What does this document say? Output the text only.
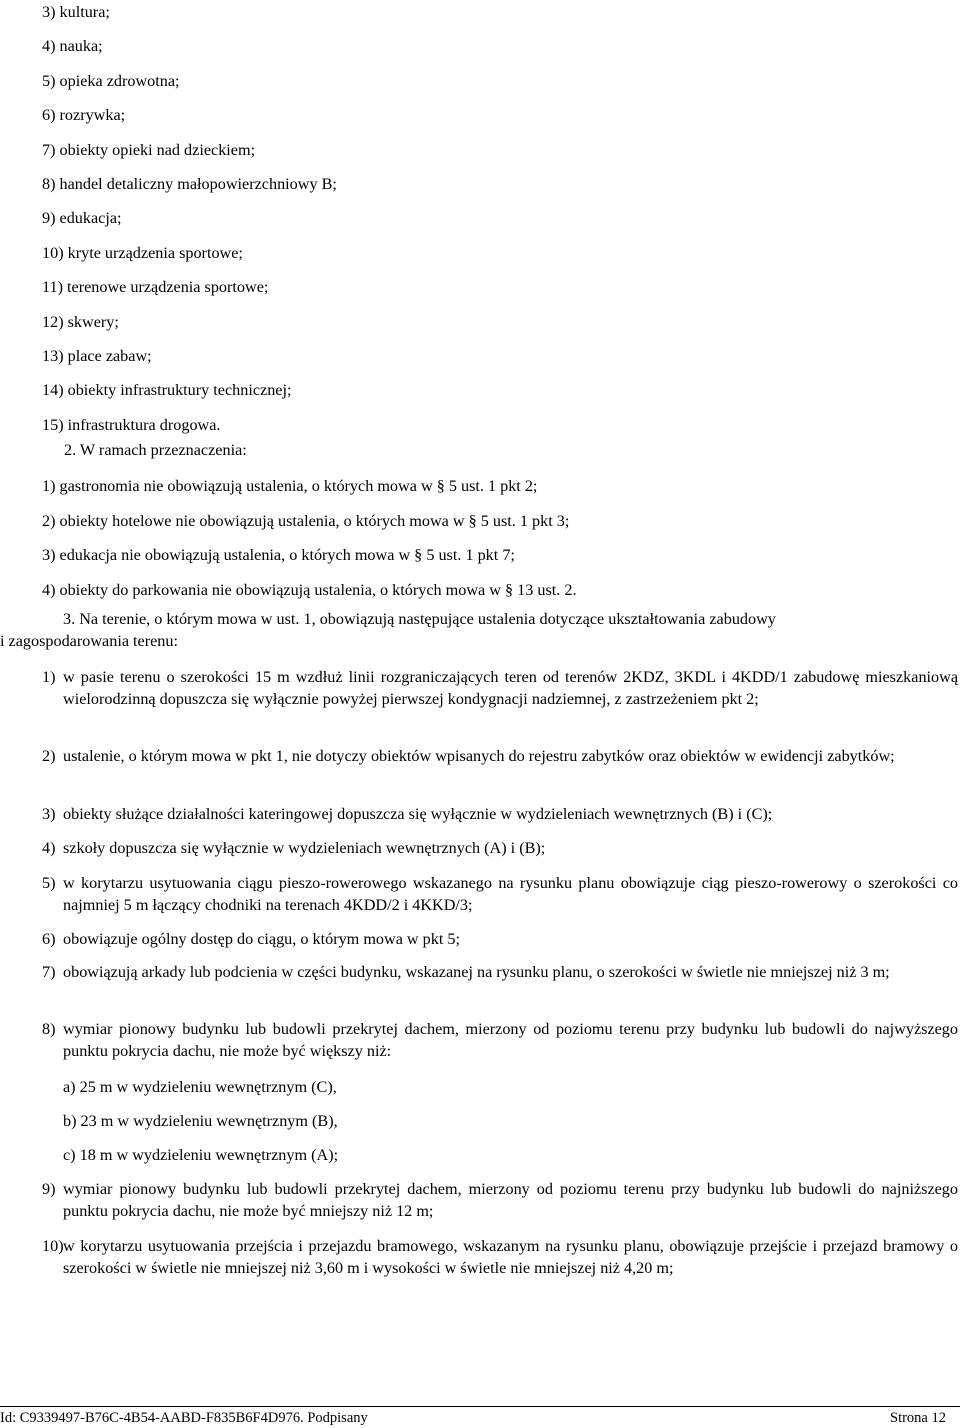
3) kultura;
4) nauka;
5) opieka zdrowotna;
6) rozrywka;
7) obiekty opieki nad dzieckiem;
8) handel detaliczny małopowierzchniowy B;
9) edukacja;
10) kryte urządzenia sportowe;
11) terenowe urządzenia sportowe;
12) skwery;
13) place zabaw;
14) obiekty infrastruktury technicznej;
15) infrastruktura drogowa.
2. W ramach przeznaczenia:
1) gastronomia nie obowiązują ustalenia, o których mowa w § 5 ust. 1 pkt 2;
2) obiekty hotelowe nie obowiązują ustalenia, o których mowa w § 5 ust. 1 pkt 3;
3) edukacja nie obowiązują ustalenia, o których mowa w § 5 ust. 1 pkt 7;
4) obiekty do parkowania nie obowiązują ustalenia, o których mowa w § 13 ust. 2.
3. Na terenie, o którym mowa w ust. 1, obowiązują następujące ustalenia dotyczące ukształtowania zabudowy
i zagospodarowania terenu:
1) w pasie terenu o szerokości 15 m wzdłuż linii rozgraniczających teren od terenów 2KDZ, 3KDL i 4KDD/1 zabudowę mieszkaniową wielorodzinną dopuszcza się wyłącznie powyżej pierwszej kondygnacji nadziemnej, z zastrzeżeniem pkt 2;
2) ustalenie, o którym mowa w pkt 1, nie dotyczy obiektów wpisanych do rejestru zabytków oraz obiektów w ewidencji zabytków;
3) obiekty służące działalności kateringowej dopuszcza się wyłącznie w wydzieleniach wewnętrznych (B) i (C);
4) szkoły dopuszcza się wyłącznie w wydzieleniach wewnętrznych (A) i (B);
5) w korytarzu usytuowania ciągu pieszo-rowerowego wskazanego na rysunku planu obowiązuje ciąg pieszo-rowerowy o szerokości co najmniej 5 m łączący chodniki na terenach 4KDD/2 i 4KKD/3;
6) obowiązuje ogólny dostęp do ciągu, o którym mowa w pkt 5;
7) obowiązują arkady lub podcienia w części budynku, wskazanej na rysunku planu, o szerokości w świetle nie mniejszej niż 3 m;
8) wymiar pionowy budynku lub budowli przekrytej dachem, mierzony od poziomu terenu przy budynku lub budowli do najwyższego punktu pokrycia dachu, nie może być większy niż:
a) 25 m w wydzieleniu wewnętrznym (C),
b) 23 m w wydzieleniu wewnętrznym (B),
c) 18 m w wydzieleniu wewnętrznym (A);
9) wymiar pionowy budynku lub budowli przekrytej dachem, mierzony od poziomu terenu przy budynku lub budowli do najniższego punktu pokrycia dachu, nie może być mniejszy niż 12 m;
10) w korytarzu usytuowania przejścia i przejazdu bramowego, wskazanym na rysunku planu, obowiązuje przejście i przejazd bramowy o szerokości w świetle nie mniejszej niż 3,60 m i wysokości w świetle nie mniejszej niż 4,20 m;
Id: C9339497-B76C-4B54-AABD-F835B6F4D976. Podpisany	Strona 12
